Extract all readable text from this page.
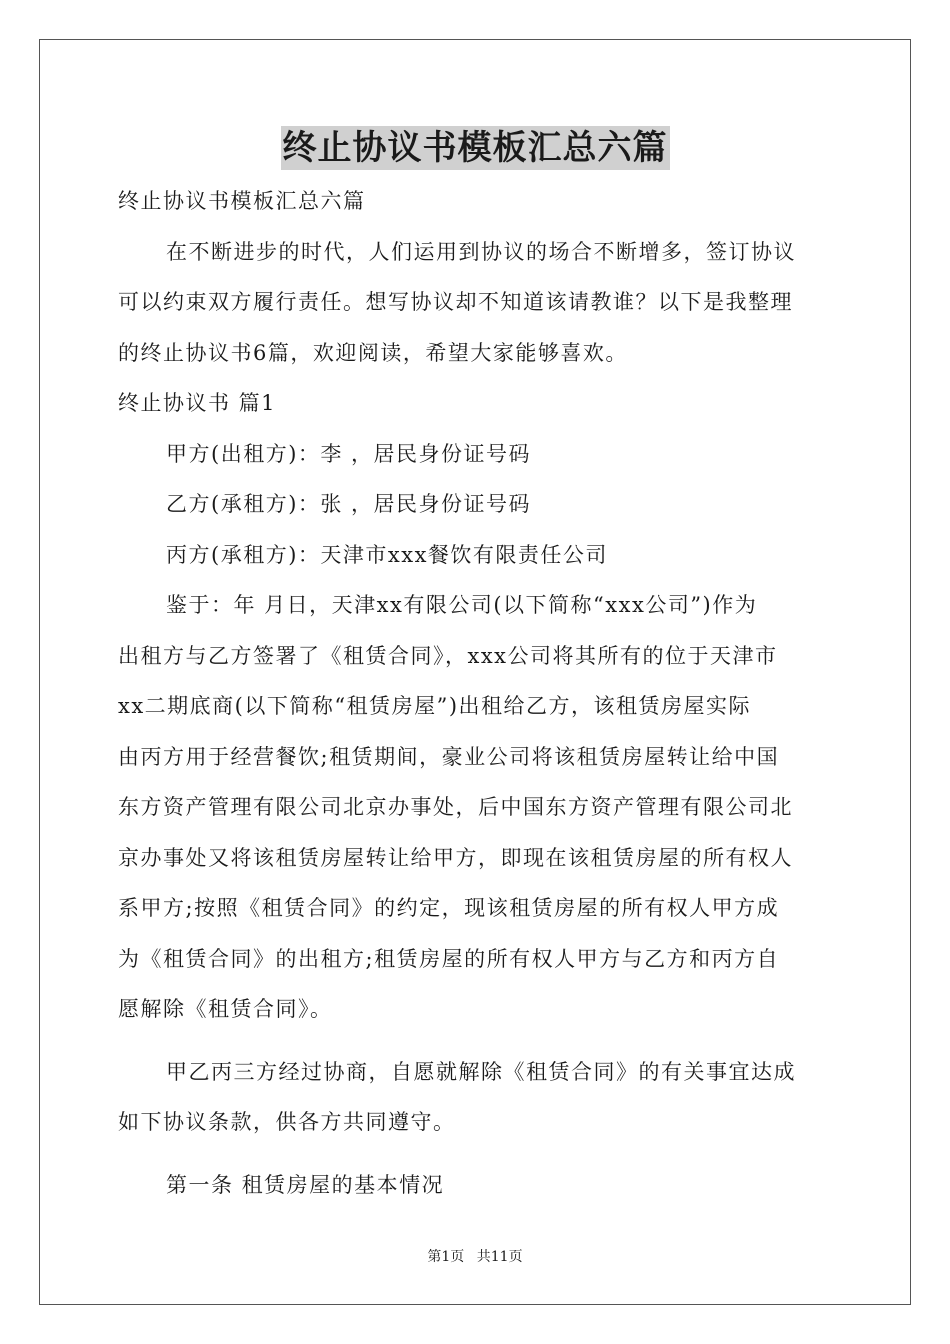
终止协议书模板汇总六篇
终止协议书模板汇总六篇
在不断进步的时代，人们运用到协议的场合不断增多，签订协议
可以约束双方履行责任。想写协议却不知道该请教谁？以下是我整理
的终止协议书6篇，欢迎阅读，希望大家能够喜欢。
终止协议书 篇1
甲方(出租方)：李 ，居民身份证号码
乙方(承租方)：张 ，居民身份证号码
丙方(承租方)：天津市xxx餐饮有限责任公司
鉴于：年 月日，天津xx有限公司(以下简称“xxx公司”)作为
出租方与乙方签署了《租赁合同》，xxx公司将其所有的位于天津市
xx二期底商(以下简称“租赁房屋”)出租给乙方，该租赁房屋实际
由丙方用于经营餐饮;租赁期间，豪业公司将该租赁房屋转让给中国
东方资产管理有限公司北京办事处，后中国东方资产管理有限公司北
京办事处又将该租赁房屋转让给甲方，即现在该租赁房屋的所有权人
系甲方;按照《租赁合同》的约定，现该租赁房屋的所有权人甲方成
为《租赁合同》的出租方;租赁房屋的所有权人甲方与乙方和丙方自
愿解除《租赁合同》。
甲乙丙三方经过协商，自愿就解除《租赁合同》的有关事宜达成
如下协议条款，供各方共同遵守。
第一条 租赁房屋的基本情况
第1页 共11页
